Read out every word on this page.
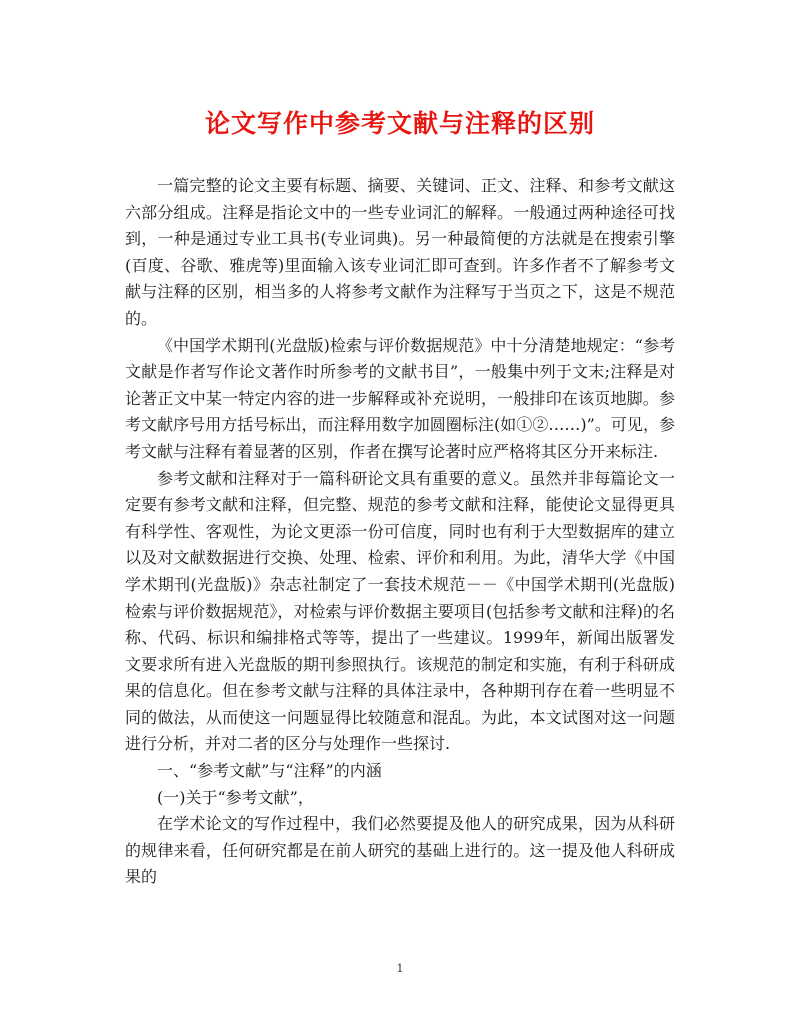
论文写作中参考文献与注释的区别

一篇完整的论文主要有标题、摘要、关键词、正文、注释、和参考文献这六部分组成。注释是指论文中的一些专业词汇的解释。一般通过两种途径可找到，一种是通过专业工具书(专业词典)。另一种最简便的方法就是在搜索引擎(百度、谷歌、雅虎等)里面输入该专业词汇即可查到。许多作者不了解参考文献与注释的区别，相当多的人将参考文献作为注释写于当页之下，这是不规范的。

《中国学术期刊(光盘版)检索与评价数据规范》中十分清楚地规定：“参考文献是作者写作论文著作时所参考的文献书目”，一般集中列于文末;注释是对论著正文中某一特定内容的进一步解释或补充说明，一般排印在该页地脚。参考文献序号用方括号标出，而注释用数字加圆圈标注(如①②……)”。可见，参考文献与注释有着显著的区别，作者在撰写论著时应严格将其区分开来标注.

参考文献和注释对于一篇科研论文具有重要的意义。虽然并非每篇论文一定要有参考文献和注释，但完整、规范的参考文献和注释，能使论文显得更具有科学性、客观性，为论文更添一份可信度，同时也有利于大型数据库的建立以及对文献数据进行交换、处理、检索、评价和利用。为此，清华大学《中国学术期刊(光盘版)》杂志社制定了一套技术规范－－《中国学术期刊(光盘版)检索与评价数据规范》，对检索与评价数据主要项目(包括参考文献和注释)的名称、代码、标识和编排格式等等，提出了一些建议。1999年，新闻出版署发文要求所有进入光盘版的期刊参照执行。该规范的制定和实施，有利于科研成果的信息化。但在参考文献与注释的具体注录中，各种期刊存在着一些明显不同的做法，从而使这一问题显得比较随意和混乱。为此，本文试图对这一问题进行分析，并对二者的区分与处理作一些探讨.

一、“参考文献”与“注释”的内涵

(一)关于“参考文献”，

在学术论文的写作过程中，我们必然要提及他人的研究成果，因为从科研的规律来看，任何研究都是在前人研究的基础上进行的。这一提及他人科研成果的

1
